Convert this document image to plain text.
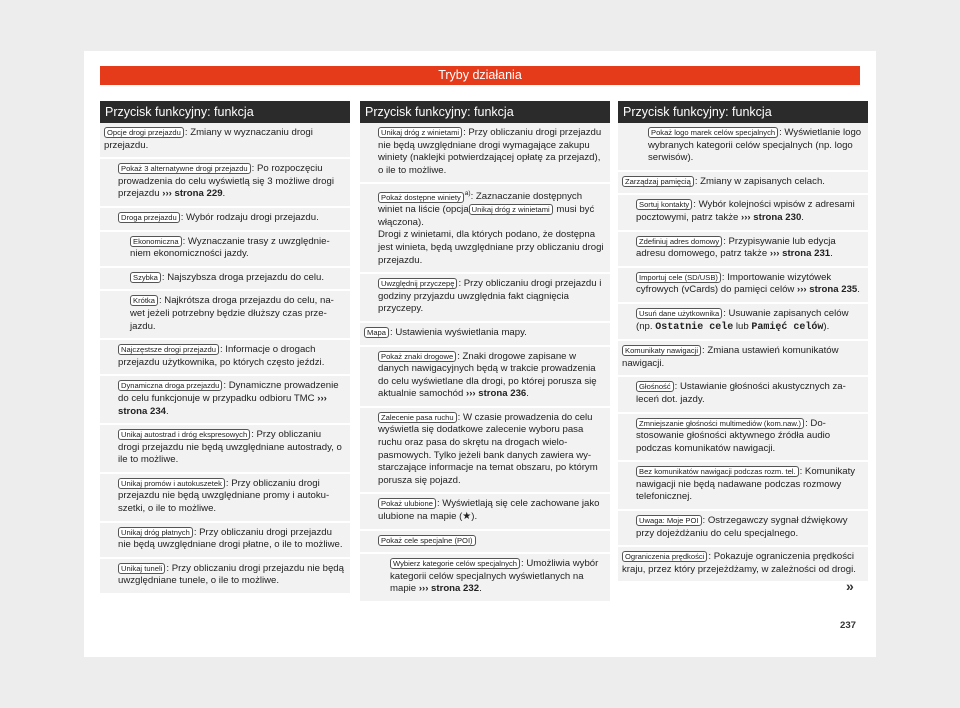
Tryby działania
Przycisk funkcyjny: funkcja
Opcje drogi przejazdu : Zmiany w wyznaczaniu drogi przejazdu.
Pokaż 3 alternatywne drogi przejazdu : Po rozpoczęciu prowadzenia do celu wyświetlą się 3 możliwe drogi przejazdu ››› strona 229.
Droga przejazdu : Wybór rodzaju drogi przejazdu.
Ekonomiczna : Wyznaczanie trasy z uwzględnieniem ekonomiczności jazdy.
Szybka : Najszybsza droga przejazdu do celu.
Krótka : Najkrótsza droga przejazdu do celu, nawet jeżeli potrzebny będzie dłuższy czas przejazdu.
Najczęstsze drogi przejazdu : Informacje o drogach przejazdu użytkownika, po których często jeździ.
Dynamiczna droga przejazdu : Dynamiczne prowadzenie do celu funkcjonuje w przypadku odbioru TMC ››› strona 234.
Unikaj autostrad i dróg ekspresowych : Przy obliczaniu drogi przejazdu nie będą uwzględniane autostrady, o ile to możliwe.
Unikaj promów i autokuszetek : Przy obliczaniu drogi przejazdu nie będą uwzględniane promy i autokuszetki, o ile to możliwe.
Unikaj dróg płatnych : Przy obliczaniu drogi przejazdu nie będą uwzględniane drogi płatne, o ile to możliwe.
Unikaj tuneli : Przy obliczaniu drogi przejazdu nie będą uwzględniane tunele, o ile to możliwe.
Przycisk funkcyjny: funkcja
Unikaj dróg z winietami : Przy obliczaniu drogi przejazdu nie będą uwzględniane drogi wymagające zakupu winiety (naklejki potwierdzającej opłatę za przejazd), o ile to możliwe.
Pokaż dostępne winiety $^{a)}$: Zaznaczanie dostępnych winiet na liście (opcja Unikaj dróg z winietami musi być włączona).
Drogi z winietami, dla których podano, że dostępna jest winieta, będą uwzględniane przy obliczaniu drogi przejazdu.
Uwzględnij przyczepę : Przy obliczaniu drogi przejazdu i godziny przyjazdu uwzględnia fakt ciągnięcia przyczepy.
Mapa : Ustawienia wyświetlania mapy.
Pokaż znaki drogowe : Znaki drogowe zapisane w danych nawigacyjnych będą w trakcie prowadzenia do celu wyświetlane dla drogi, po której porusza się aktualnie samochód ››› strona 236.
Zalecenie pasa ruchu : W czasie prowadzenia do celu wyświetla się dodatkowe zalecenie wyboru pasa ruchu oraz pasa do skrętu na drogach wielopasmowych. Tylko jeżeli bank danych zawiera wystarczające informacje na temat obszaru, po którym porusza się pojazd.
Pokaż ulubione : Wyświetlają się cele zachowane jako ulubione na mapie (★).
Pokaż cele specjalne (POI)
Wybierz kategorie celów specjalnych : Umożliwia wybór kategorii celów specjalnych wyświetlanych na mapie ››› strona 232.
Przycisk funkcyjny: funkcja
Pokaż logo marek celów specjalnych : Wyświetlanie logo wybranych kategorii celów specjalnych (np. logo serwisów).
Zarządzaj pamięcią : Zmiany w zapisanych celach.
Sortuj kontakty : Wybór kolejności wpisów z adresami pocztowymi, patrz także ››› strona 230.
Zdefiniuj adres domowy : Przypisywanie lub edycja adresu domowego, patrz także ››› strona 231.
Importuj cele (SD/USB) : Importowanie wizytówek cyfrowych (vCards) do pamięci celów ››› strona 235.
Usuń dane użytkownika : Usuwanie zapisanych celów (np. Ostatnie cele lub Pamięć celów).
Komunikaty nawigacji : Zmiana ustawień komunikatów nawigacji.
Głośność : Ustawianie głośności akustycznych zaleceń dot. jazdy.
Zmniejszanie głośności multimediów (kom.naw.) : Dostosowanie głośności aktywnego źródła audio podczas komunikatów nawigacji.
Bez komunikatów nawigacji podczas rozm. tel. : Komunikaty nawigacji nie będą nadawane podczas rozmowy telefonicznej.
Uwaga: Moje POI : Ostrzegawczy sygnał dźwiękowy przy dojeżdżaniu do celu specjalnego.
Ograniczenia prędkości : Pokazuje ograniczenia prędkości kraju, przez który przejeżdżamy, w zależności od drogi.
»
237
